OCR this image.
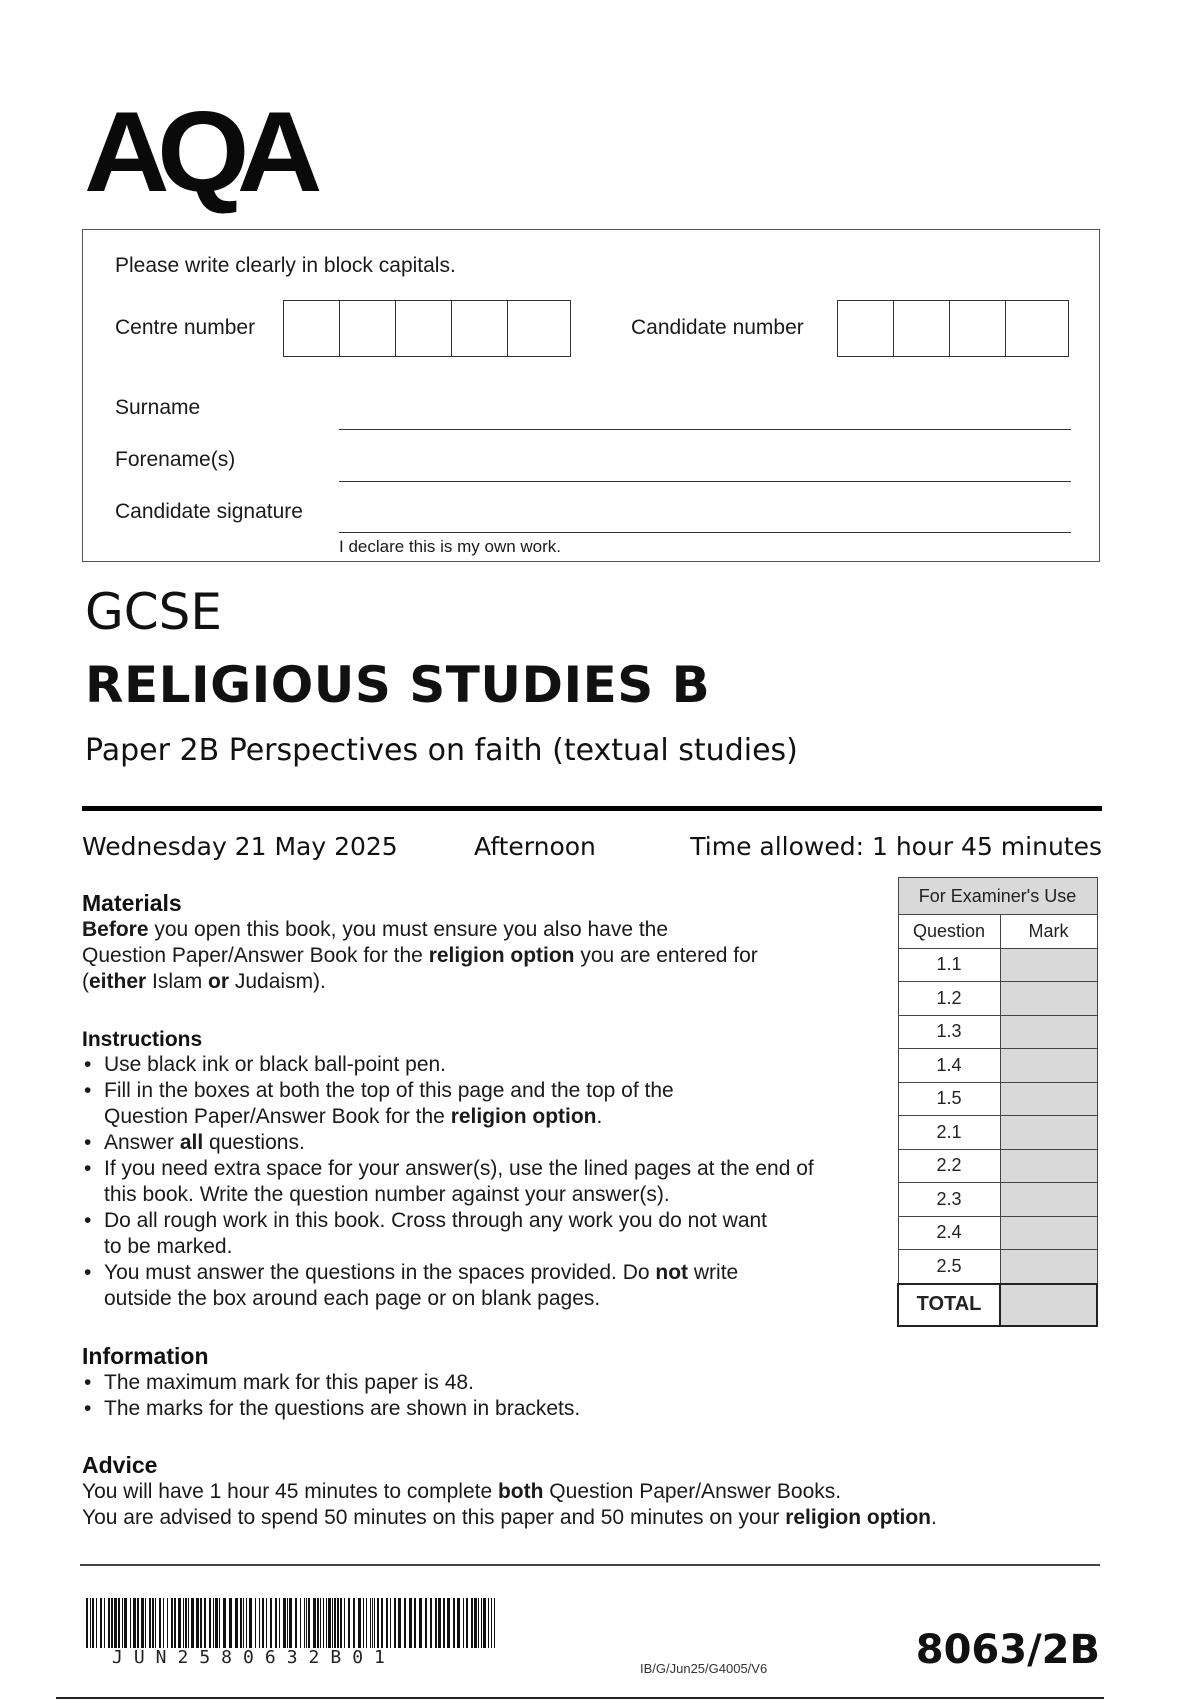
AQA
Please write clearly in block capitals.
Centre number	Candidate number
Surname
Forename(s)
Candidate signature
I declare this is my own work.
GCSE
RELIGIOUS STUDIES B
Paper 2B Perspectives on faith (textual studies)
Wednesday 21 May 2025	Afternoon	Time allowed: 1 hour 45 minutes
Materials

Before you open this book, you must ensure you also have the

Question Paper/Answer Book for the religion option you are entered for

(either Islam or Judaism).

Instructions
• Use black ink or black ball-point pen.
• Fill in the boxes at both the top of this page and the top of the
Question Paper/Answer Book for the religion option.
• Answer all questions.
• If you need extra space for your answer(s), use the lined pages at the end of
this book. Write the question number against your answer(s).
• Do all rough work in this book. Cross through any work you do not want
to be marked.
• You must answer the questions in the spaces provided. Do not write
outside the box around each page or on blank pages.
Information
• The maximum mark for this paper is 48.
• The marks for the questions are shown in brackets.
Advice

You will have 1 hour 45 minutes to complete both Question Paper/Answer Books.

You are advised to spend 50 minutes on this paper and 50 minutes on your religion option.

For Examiner's Use	
Question	Mark
1.1	
1.2	
1.3	
1.4	
1.5	
2.1	
2.2	
2.3	
2.4	
2.5	
TOTAL	
JUN2580632B01
IB/G/Jun25/G4005/V6	8063/2B
